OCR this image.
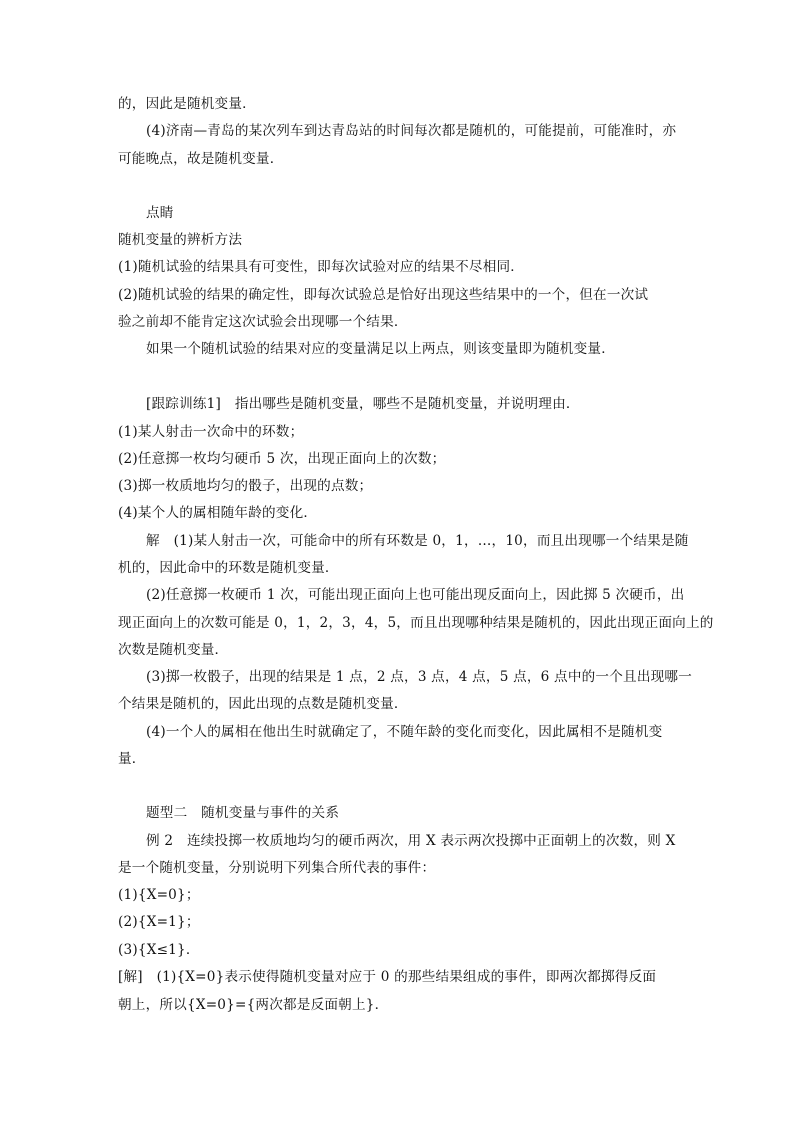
的，因此是随机变量．
(4)济南—青岛的某次列车到达青岛站的时间每次都是随机的，可能提前，可能准时，亦
可能晚点，故是随机变量．
点睛
随机变量的辨析方法
(1)随机试验的结果具有可变性，即每次试验对应的结果不尽相同．
(2)随机试验的结果的确定性，即每次试验总是恰好出现这些结果中的一个，但在一次试
验之前却不能肯定这次试验会出现哪一个结果．
如果一个随机试验的结果对应的变量满足以上两点，则该变量即为随机变量．
[跟踪训练1]　指出哪些是随机变量，哪些不是随机变量，并说明理由．
(1)某人射击一次命中的环数；
(2)任意掷一枚均匀硬币 5 次，出现正面向上的次数；
(3)掷一枚质地均匀的骰子，出现的点数；
(4)某个人的属相随年龄的变化．
解　(1)某人射击一次，可能命中的所有环数是 0，1，…，10，而且出现哪一个结果是随
机的，因此命中的环数是随机变量．
(2)任意掷一枚硬币 1 次，可能出现正面向上也可能出现反面向上，因此掷 5 次硬币，出
现正面向上的次数可能是 0，1，2，3，4，5，而且出现哪种结果是随机的，因此出现正面向上的
次数是随机变量．
(3)掷一枚骰子，出现的结果是 1 点，2 点，3 点，4 点，5 点，6 点中的一个且出现哪一
个结果是随机的，因此出现的点数是随机变量．
(4)一个人的属相在他出生时就确定了，不随年龄的变化而变化，因此属相不是随机变
量．
题型二　随机变量与事件的关系
例 2　连续投掷一枚质地均匀的硬币两次，用 X 表示两次投掷中正面朝上的次数，则 X
是一个随机变量，分别说明下列集合所代表的事件：
(1){X=0}；
(2){X=1}；
(3){X≤1}．
[解]　(1){X=0}表示使得随机变量对应于 0 的那些结果组成的事件，即两次都掷得反面
朝上，所以{X=0}={两次都是反面朝上}．
